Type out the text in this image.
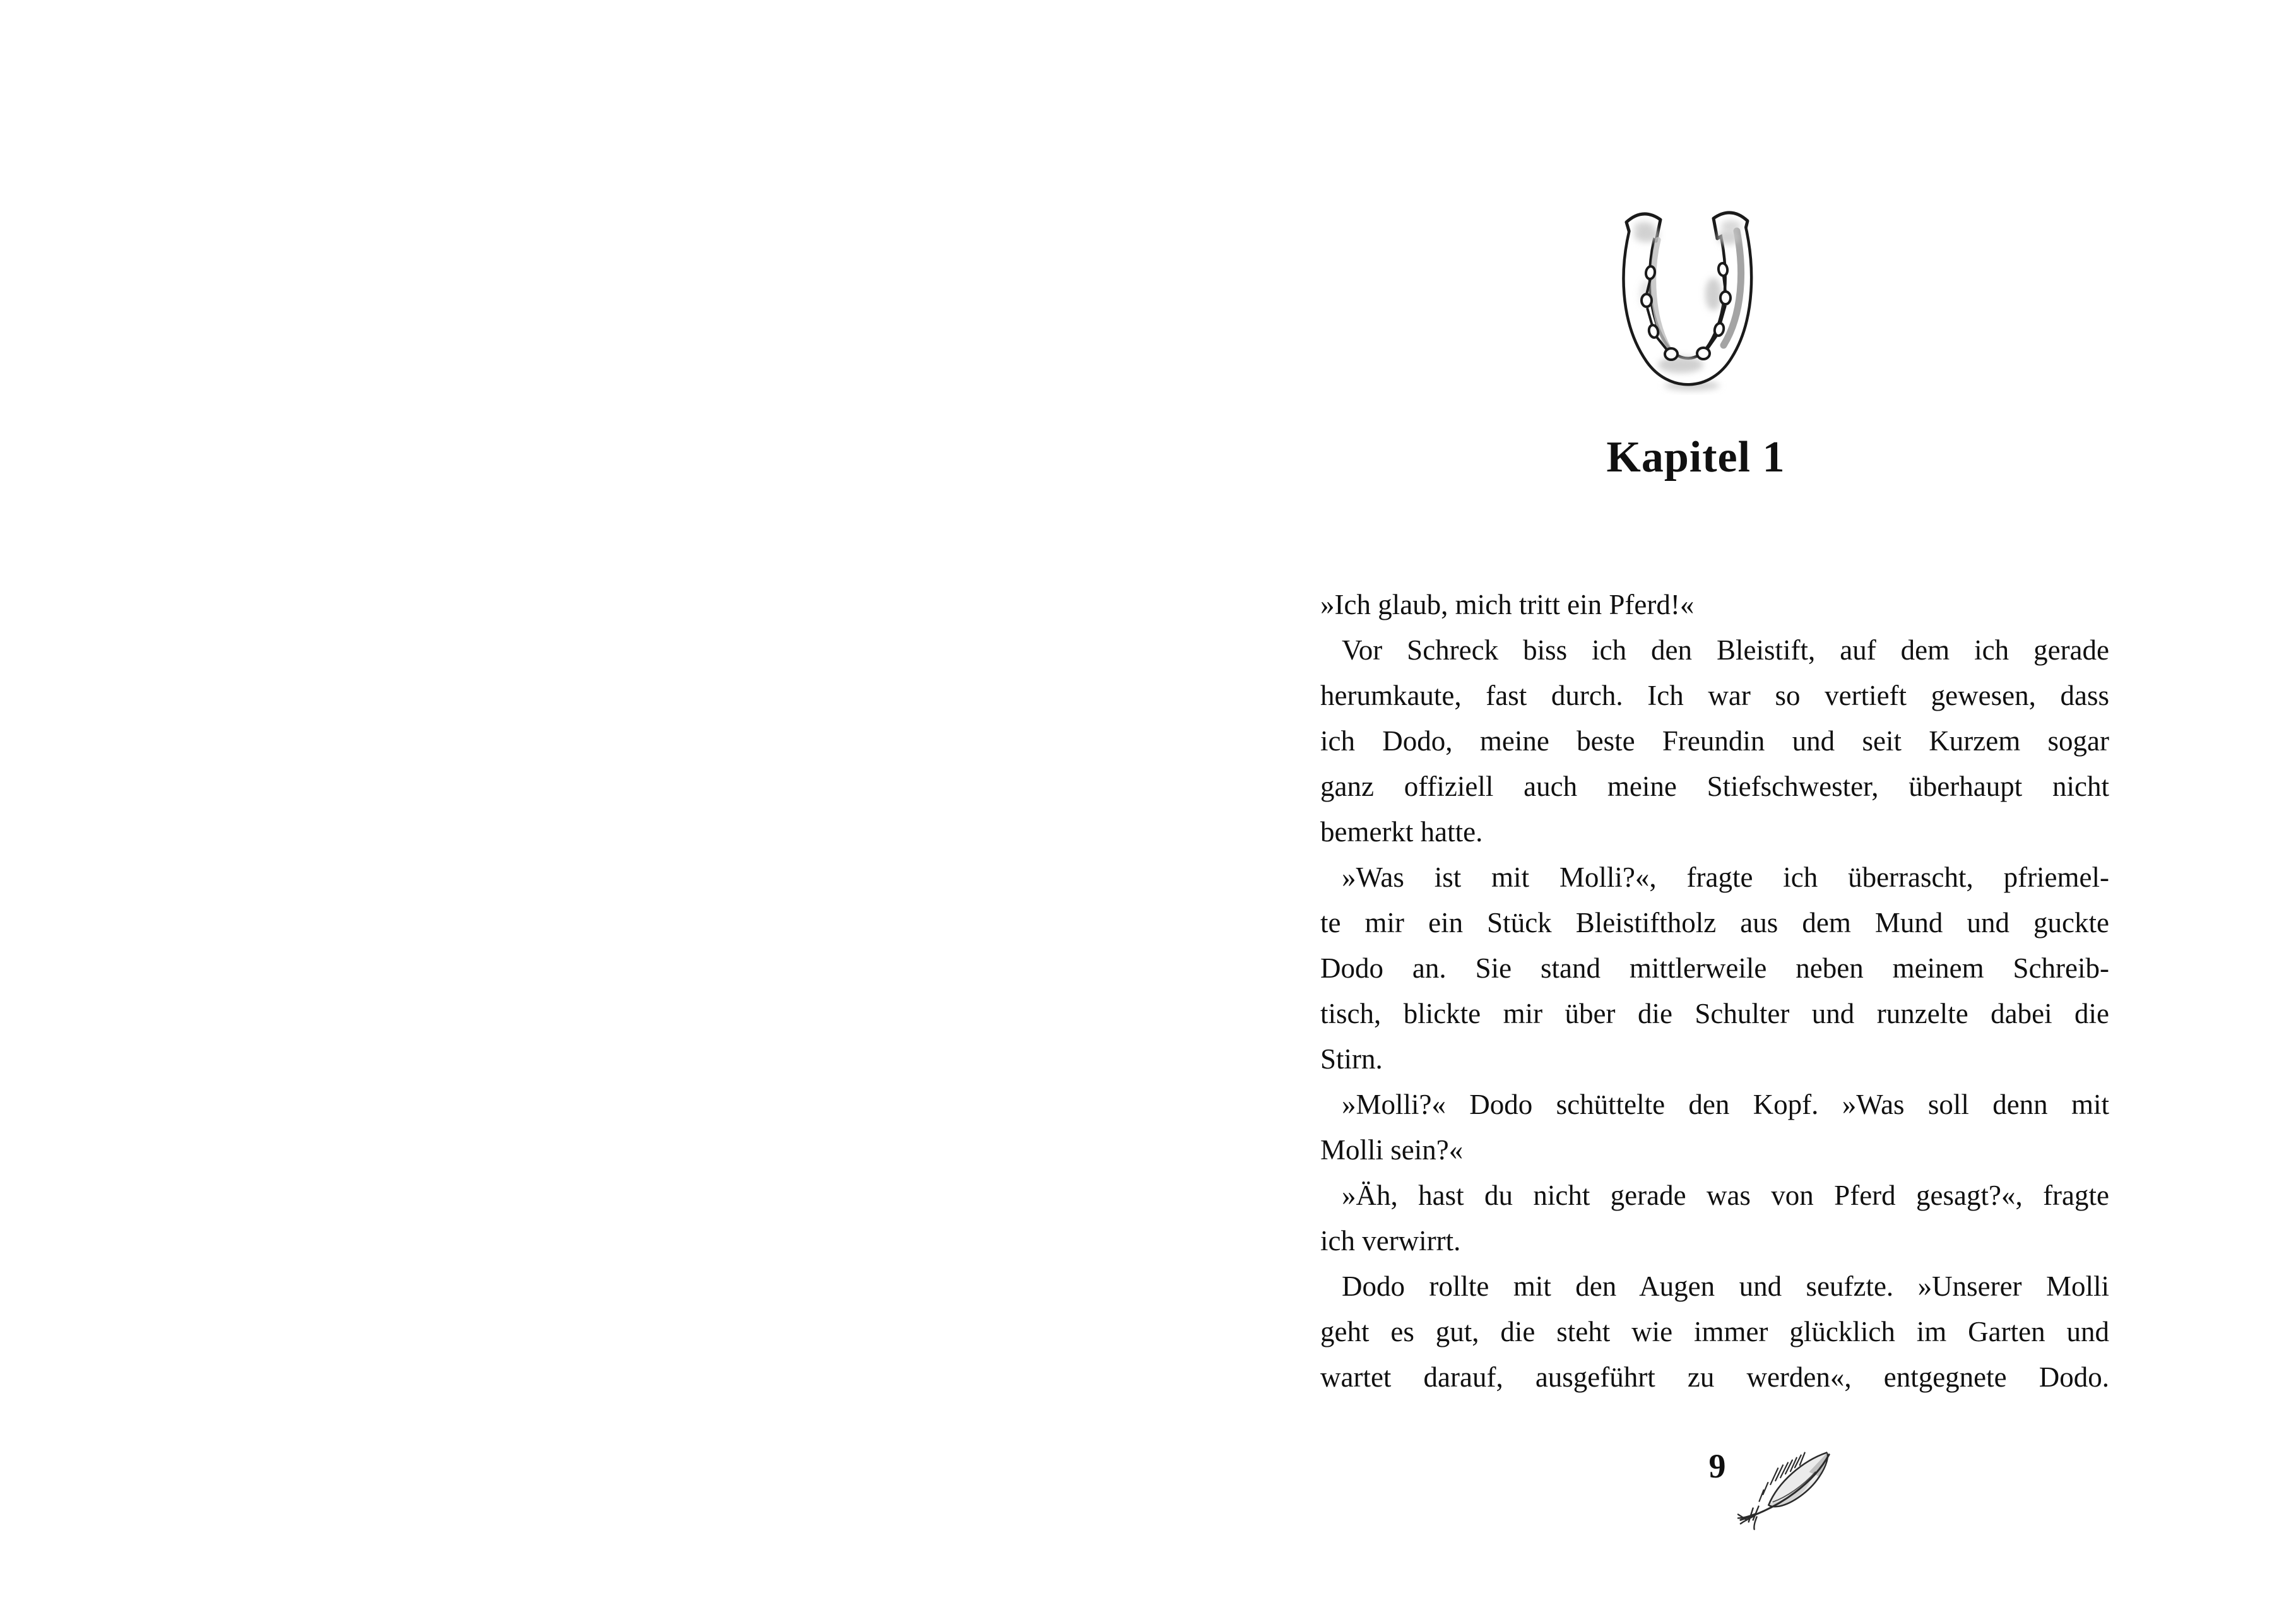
Kapitel 1
»Ich glaub, mich tritt ein Pferd!«
Vor Schreck biss ich den Bleistift, auf dem ich gerade
herumkaute, fast durch. Ich war so vertieft gewesen, dass
ich Dodo, meine beste Freundin und seit Kurzem sogar
ganz offiziell auch meine Stiefschwester, überhaupt nicht
bemerkt hatte.
»Was ist mit Molli?«, fragte ich überrascht, pfriemel-
te mir ein Stück Bleistiftholz aus dem Mund und guckte
Dodo an. Sie stand mittlerweile neben meinem Schreib-
tisch, blickte mir über die Schulter und runzelte dabei die
Stirn.
»Molli?« Dodo schüttelte den Kopf. »Was soll denn mit
Molli sein?«
»Äh, hast du nicht gerade was von Pferd gesagt?«, fragte
ich verwirrt.
Dodo rollte mit den Augen und seufzte. »Unserer Molli
geht es gut, die steht wie immer glücklich im Garten und
wartet darauf, ausgeführt zu werden«, entgegnete Dodo.
9
